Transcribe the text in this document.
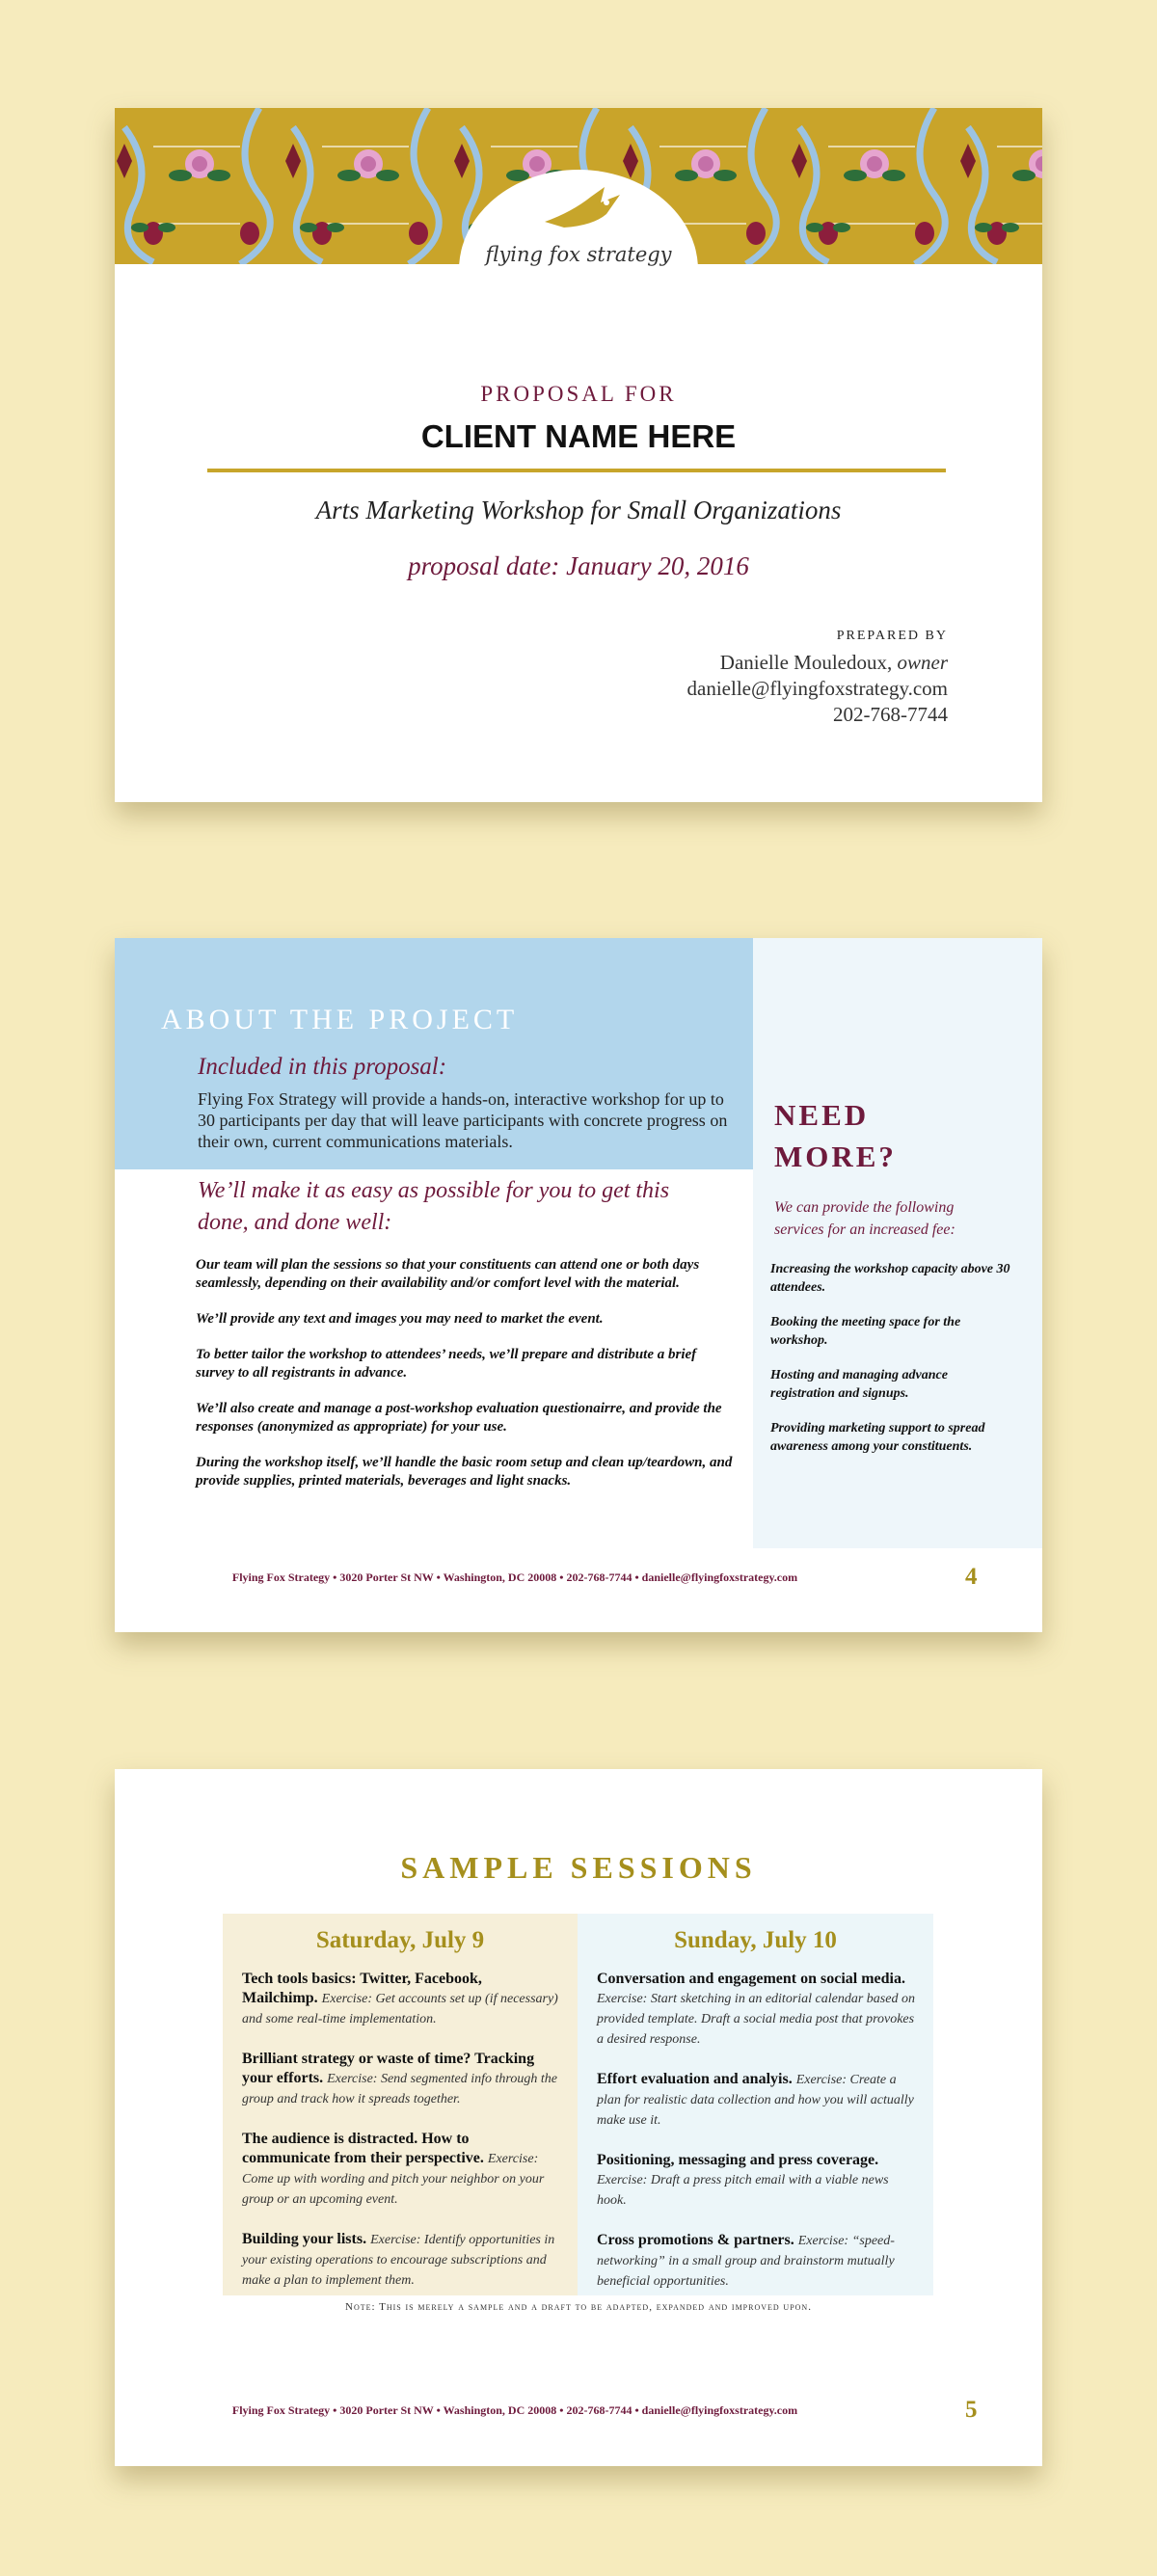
flying fox strategy
PROPOSAL FOR
CLIENT NAME HERE
Arts Marketing Workshop for Small Organizations
proposal date: January 20, 2016
PREPARED BY
Danielle Mouledoux, owner
danielle@flyingfoxstrategy.com
202-768-7744
ABOUT THE PROJECT
Included in this proposal:
Flying Fox Strategy will provide a hands-on, interactive workshop for up to 30 participants per day that will leave participants with concrete progress on their own, current communications materials.
We’ll make it as easy as possible for you to get this done, and done well:

Our team will plan the sessions so that your constituents can attend one or both days seamlessly, depending on their availability and/or comfort level with the material.

We’ll provide any text and images you may need to market the event.

To better tailor the workshop to attendees’ needs, we’ll prepare and distribute a brief survey to all registrants in advance.

We’ll also create and manage a post-workshop evaluation questionairre, and provide the responses (anonymized as appropriate) for your use.

During the workshop itself, we’ll handle the basic room setup and clean up/teardown, and provide supplies, printed materials, beverages and light snacks.

NEED
MORE?
We can provide the following services for an increased fee:

Increasing the workshop capacity above 30 attendees.

Booking the meeting space for the workshop.

Hosting and managing advance registration and signups.

Providing marketing support to spread awareness among your constituents.

Flying Fox Strategy • 3020 Porter St NW • Washington, DC 20008 • 202-768-7744 • danielle@flyingfoxstrategy.com	4
SAMPLE SESSIONS
Saturday, July 9
Tech tools basics: Twitter, Facebook, Mailchimp. Exercise: Get accounts set up (if necessary) and some real-time implementation.
Brilliant strategy or waste of time? Tracking your efforts. Exercise: Send segmented info through the group and track how it spreads together.
The audience is distracted. How to communicate from their perspective. Exercise: Come up with wording and pitch your neighbor on your group or an upcoming event.
Building your lists. Exercise: Identify opportunities in your existing operations to encourage subscriptions and make a plan to implement them.
Sunday, July 10
Conversation and engagement on social media. Exercise: Start sketching in an editorial calendar based on provided template. Draft a social media post that provokes a desired response.
Effort evaluation and analyis. Exercise: Create a plan for realistic data collection and how you will actually make use it.
Positioning, messaging and press coverage. Exercise: Draft a press pitch email with a viable news hook.
Cross promotions & partners. Exercise: “speed-networking” in a small group and brainstorm mutually beneficial opportunities.
Note: This is merely a sample and a draft to be adapted, expanded and improved upon.
Flying Fox Strategy • 3020 Porter St NW • Washington, DC 20008 • 202-768-7744 • danielle@flyingfoxstrategy.com	5
